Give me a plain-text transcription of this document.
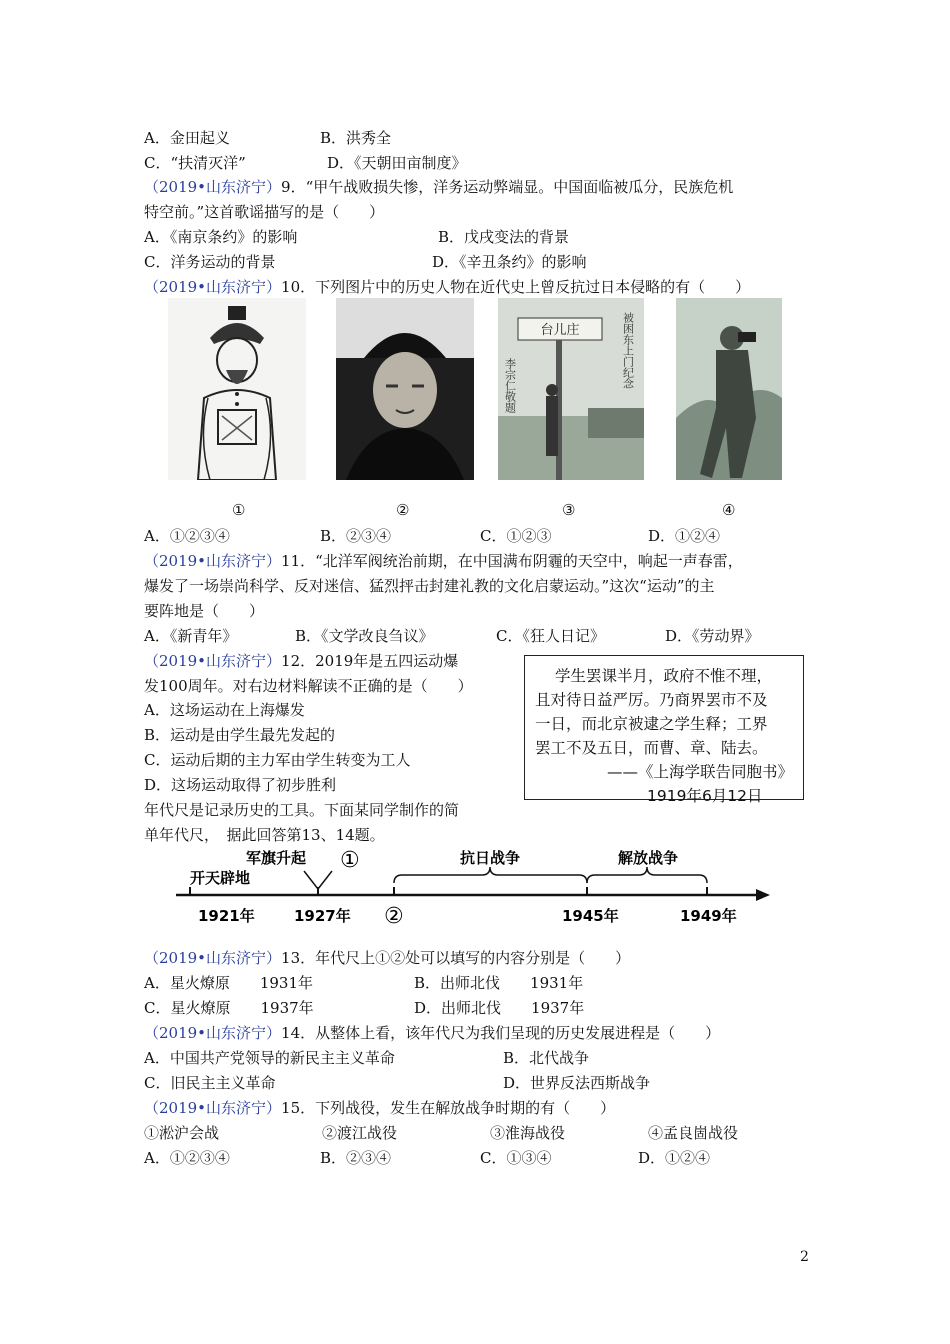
A．金田起义	B．洪秀全
C．“扶清灭洋”	D．《天朝田亩制度》
（2019•山东济宁）9．“甲午战败损失惨，洋务运动弊端显。中国面临被瓜分，民族危机
特空前。”这首歌谣描写的是（　　）
A．《南京条约》的影响	B．戊戌变法的背景
C．洋务运动的背景	D．《辛丑条约》的影响
（2019•山东济宁）10．下列图片中的历史人物在近代史上曾反抗过日本侵略的有（　　）
台儿庄
李宗仁敬题	被困东上门纪念
①	②	③	④
A．①②③④	B．②③④	C．①②③	D．①②④
（2019•山东济宁）11．“北洋军阀统治前期，在中国满布阴霾的天空中，响起一声春雷，
爆发了一场崇尚科学、反对迷信、猛烈抨击封建礼教的文化启蒙运动。”这次“运动”的主
要阵地是（　　）
A．《新青年》	B．《文学改良刍议》	C．《狂人日记》	D．《劳动界》
（2019•山东济宁）12．2019年是五四运动爆
发100周年。对右边材料解读不正确的是（　　）
A．这场运动在上海爆发
B．运动是由学生最先发起的
C．运动后期的主力军由学生转变为工人
D．这场运动取得了初步胜利
学生罢课半月，政府不惟不理，
且对待日益严厉。乃商界罢市不及
一日，而北京被逮之学生释；工界
罢工不及五日，而曹、章、陆去。
——《上海学联告同胞书》
1919年6月12日
年代尺是记录历史的工具。下面某同学制作的简
单年代尺，　据此回答第13、14题。
开天辟地
军旗升起 ①	抗日战争	解放战争
1921年	1927年 ②	1945年	1949年
（2019•山东济宁）13．年代尺上①②处可以填写的内容分别是（　　）
A．星火燎原　　1931年	B．出师北伐　　1931年
C．星火燎原　　1937年	D．出师北伐　　1937年
（2019•山东济宁）14．从整体上看，该年代尺为我们呈现的历史发展进程是（　　）
A．中国共产党领导的新民主主义革命	B．北代战争
C．旧民主主义革命	D．世界反法西斯战争
（2019•山东济宁）15．下列战役，发生在解放战争时期的有（　　）
①淞沪会战	②渡江战役	③淮海战役	④孟良崮战役
A．①②③④	B．②③④	C．①③④	D．①②④
2
